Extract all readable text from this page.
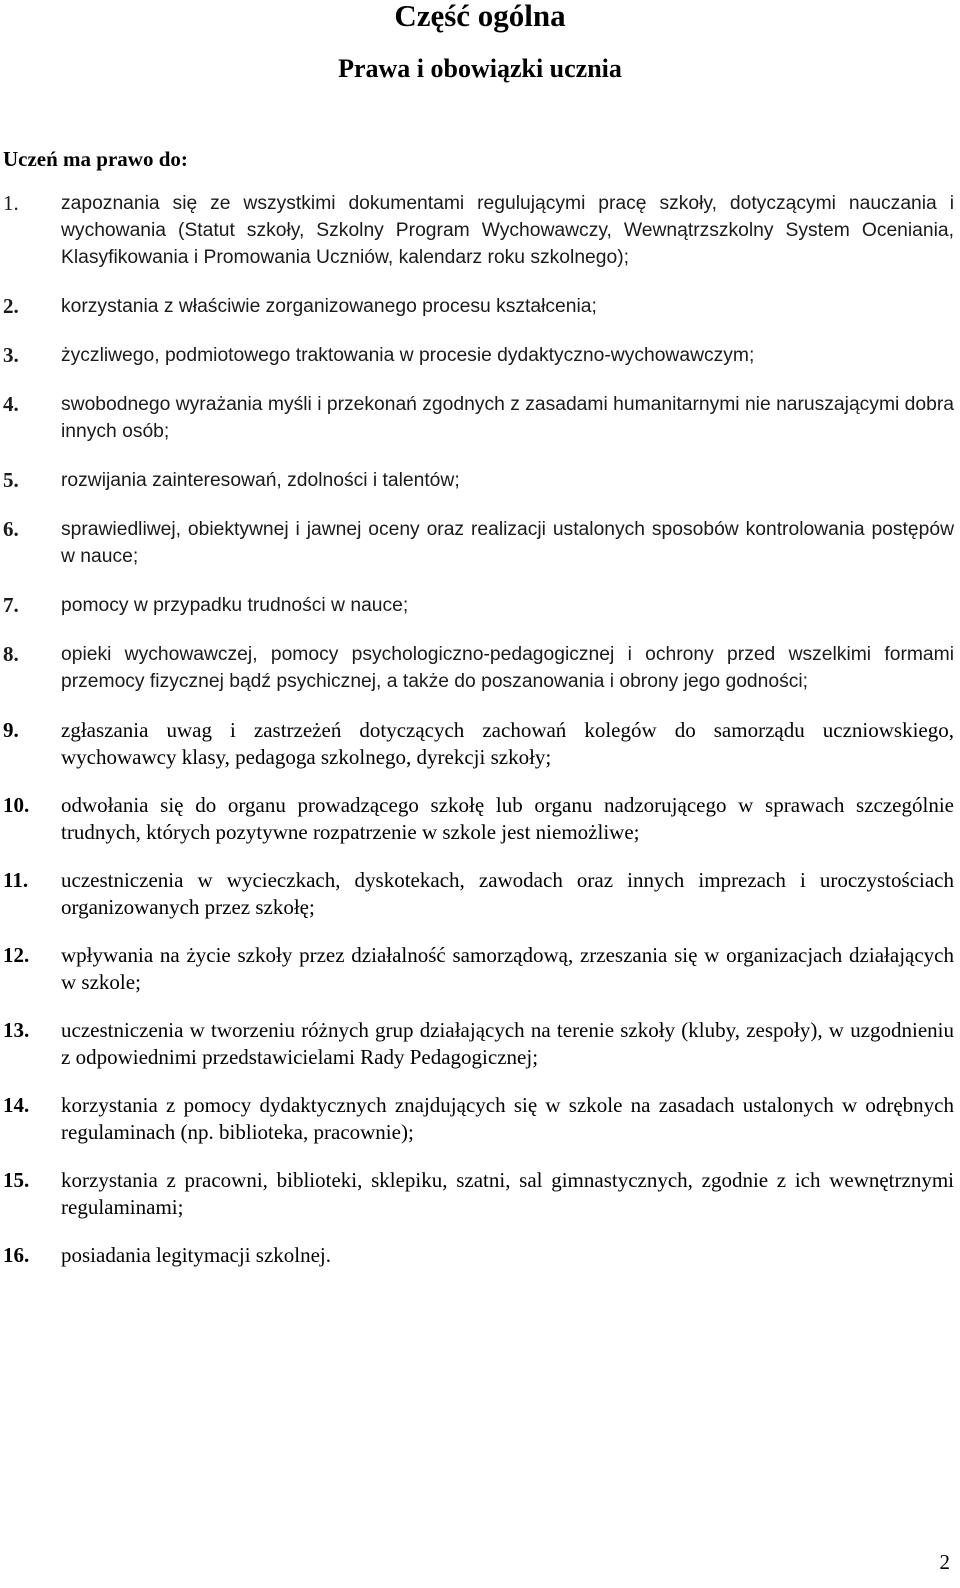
Część ogólna
Prawa i obowiązki ucznia
Uczeń ma prawo do:
1. zapoznania się ze wszystkimi dokumentami regulującymi pracę szkoły, dotyczącymi nauczania i wychowania (Statut szkoły, Szkolny Program Wychowawczy, Wewnątrzszkolny System Oceniania, Klasyfikowania i Promowania Uczniów, kalendarz roku szkolnego);
2. korzystania z właściwie zorganizowanego procesu kształcenia;
3. życzliwego, podmiotowego traktowania w procesie dydaktyczno-wychowawczym;
4. swobodnego wyrażania myśli i przekonań zgodnych z zasadami humanitarnymi nie naruszającymi dobra innych osób;
5. rozwijania zainteresowań, zdolności i talentów;
6. sprawiedliwej, obiektywnej i jawnej oceny oraz realizacji ustalonych sposobów kontrolowania postępów w nauce;
7. pomocy w przypadku trudności w nauce;
8. opieki wychowawczej, pomocy psychologiczno-pedagogicznej i ochrony przed wszelkimi formami przemocy fizycznej bądź psychicznej, a także do poszanowania i obrony jego godności;
9. zgłaszania uwag i zastrzeżeń dotyczących zachowań kolegów do samorządu uczniowskiego, wychowawcy klasy, pedagoga szkolnego, dyrekcji szkoły;
10. odwołania się do organu prowadzącego szkołę lub organu nadzorującego w sprawach szczególnie trudnych, których pozytywne rozpatrzenie w szkole jest niemożliwe;
11. uczestniczenia w wycieczkach, dyskotekach, zawodach oraz innych imprezach i uroczystościach organizowanych przez szkołę;
12. wpływania na życie szkoły przez działalność samorządową, zrzeszania się w organizacjach działających w szkole;
13. uczestniczenia w tworzeniu różnych grup działających na terenie szkoły (kluby, zespoły), w uzgodnieniu z odpowiednimi przedstawicielami Rady Pedagogicznej;
14. korzystania z pomocy dydaktycznych znajdujących się w szkole na zasadach ustalonych w odrębnych regulaminach (np. biblioteka, pracownie);
15. korzystania z pracowni, biblioteki, sklepiku, szatni, sal gimnastycznych, zgodnie z ich wewnętrznymi regulaminami;
16. posiadania legitymacji szkolnej.
2
